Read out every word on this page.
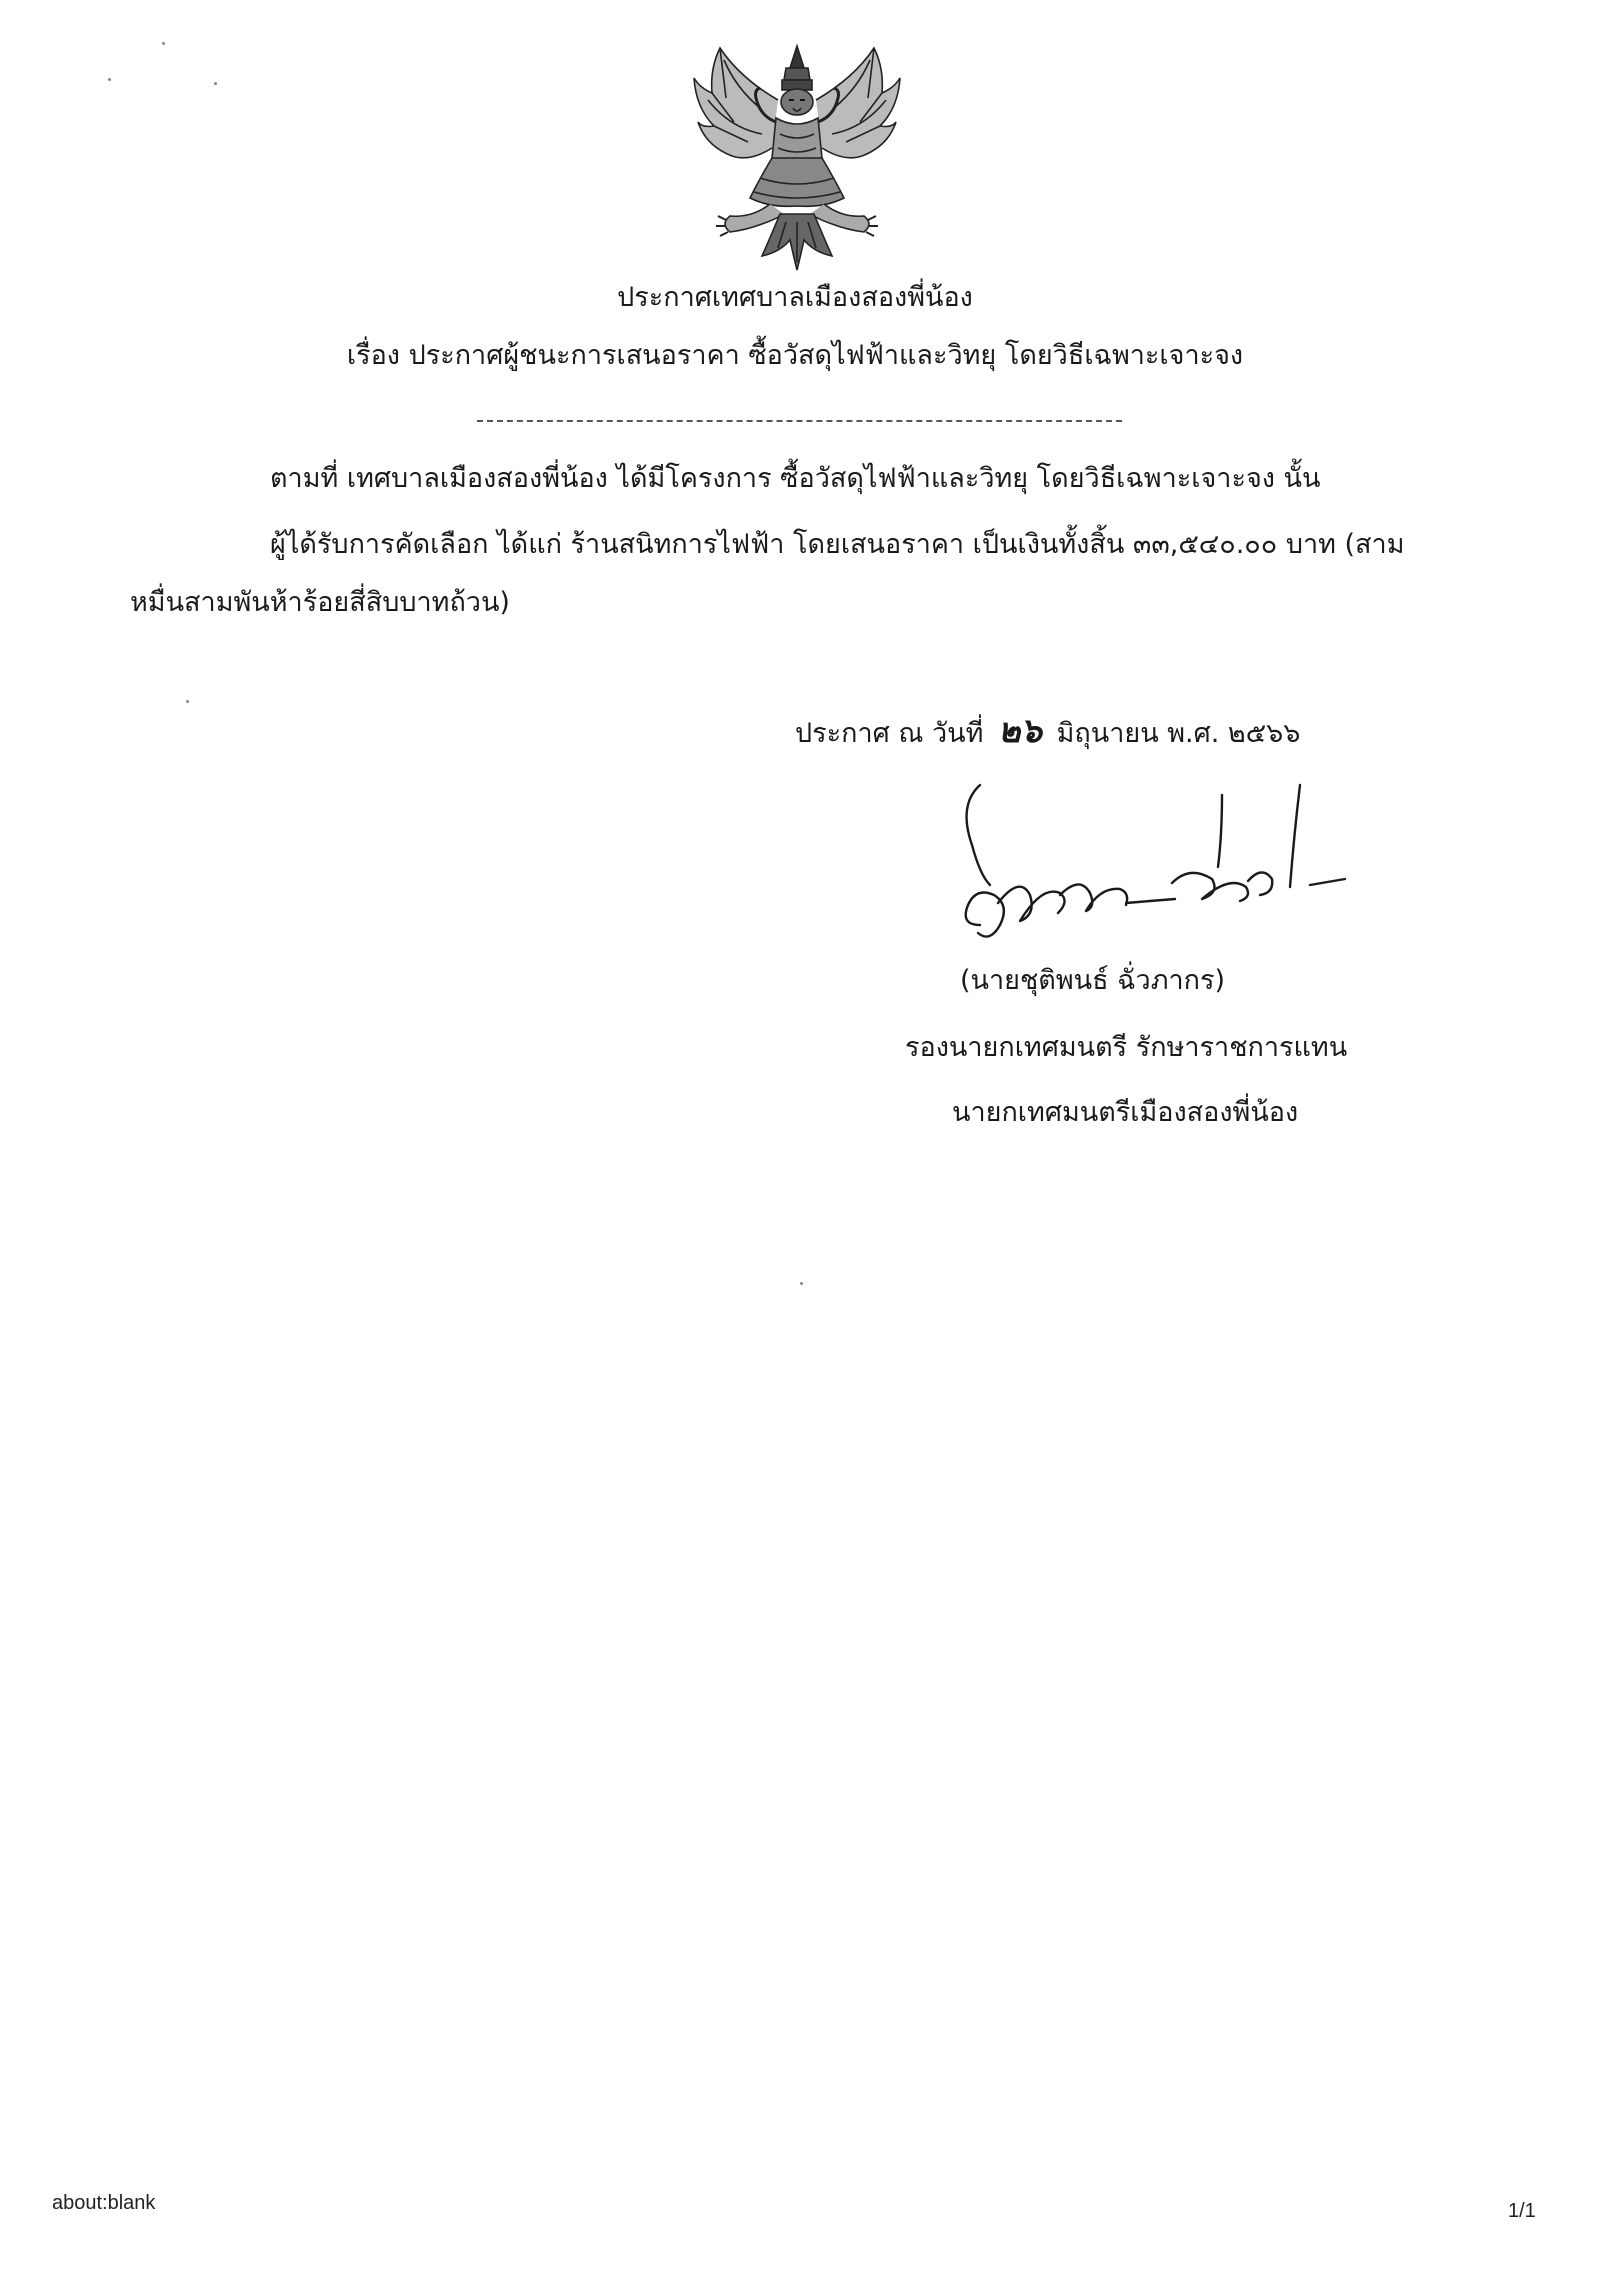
ประกาศเทศบาลเมืองสองพี่น้อง
เรื่อง ประกาศผู้ชนะการเสนอราคา ซื้อวัสดุไฟฟ้าและวิทยุ โดยวิธีเฉพาะเจาะจง
ตามที่ เทศบาลเมืองสองพี่น้อง ได้มีโครงการ ซื้อวัสดุไฟฟ้าและวิทยุ โดยวิธีเฉพาะเจาะจง นั้น
ผู้ได้รับการคัดเลือก ได้แก่ ร้านสนิทการไฟฟ้า โดยเสนอราคา เป็นเงินทั้งสิ้น ๓๓,๕๔๐.๐๐ บาท (สาม
หมื่นสามพันห้าร้อยสี่สิบบาทถ้วน)
ประกาศ ณ วันที่ ๒๖ มิถุนายน พ.ศ. ๒๕๖๖
(นายชุติพนธ์ ฉั่วภากร)
รองนายกเทศมนตรี รักษาราชการแทน
นายกเทศมนตรีเมืองสองพี่น้อง
about:blank	1/1
